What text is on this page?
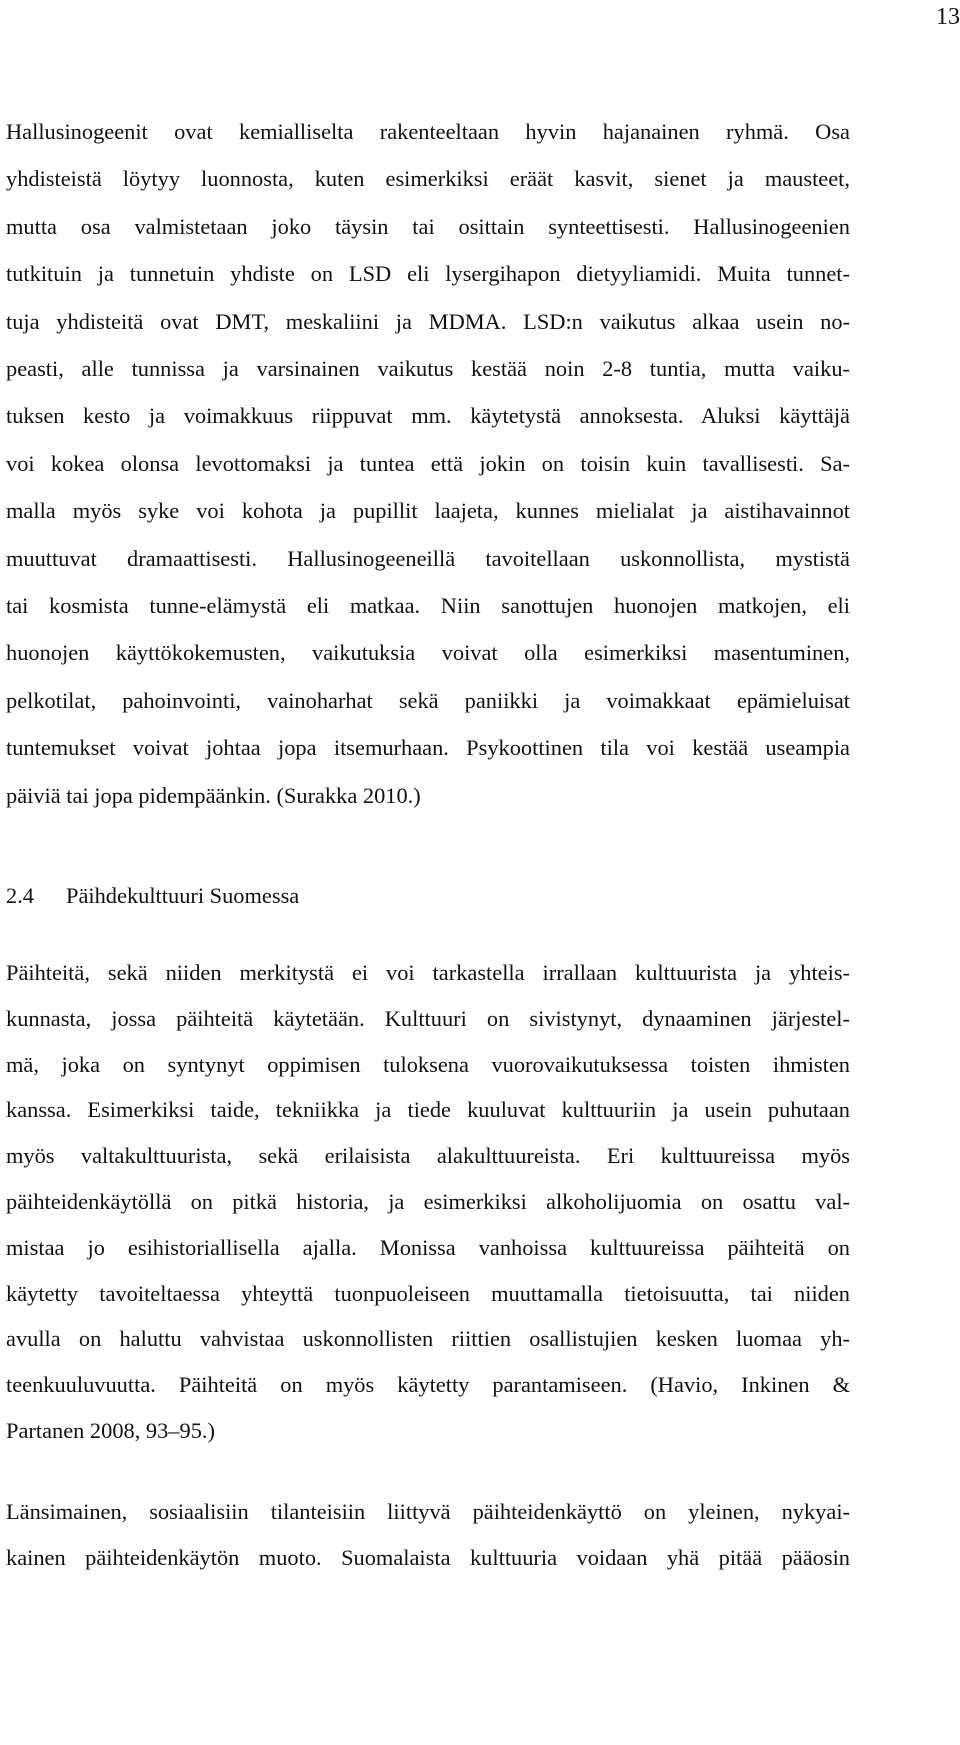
13

Hallusinogeenit ovat kemialliselta rakenteeltaan hyvin hajanainen ryhmä. Osa
yhdisteistä löytyy luonnosta, kuten esimerkiksi eräät kasvit, sienet ja mausteet,
mutta osa valmistetaan joko täysin tai osittain synteettisesti. Hallusinogeenien
tutkituin ja tunnetuin yhdiste on LSD eli lysergihapon dietyyliamidi. Muita tunnet-
tuja yhdisteitä ovat DMT, meskaliini ja MDMA. LSD:n vaikutus alkaa usein no-
peasti, alle tunnissa ja varsinainen vaikutus kestää noin 2-8 tuntia, mutta vaiku-
tuksen kesto ja voimakkuus riippuvat mm. käytetystä annoksesta. Aluksi käyttäjä
voi kokea olonsa levottomaksi ja tuntea että jokin on toisin kuin tavallisesti. Sa-
malla myös syke voi kohota ja pupillit laajeta, kunnes mielialat ja aistihavainnot
muuttuvat dramaattisesti. Hallusinogeeneillä tavoitellaan uskonnollista, mystistä
tai kosmista tunne-elämystä eli matkaa. Niin sanottujen huonojen matkojen, eli
huonojen käyttökokemusten, vaikutuksia voivat olla esimerkiksi masentuminen,
pelkotilat, pahoinvointi, vainoharhat sekä paniikki ja voimakkaat epämieluisat
tuntemukset voivat johtaa jopa itsemurhaan. Psykoottinen tila voi kestää useampia
päiviä tai jopa pidempäänkin. (Surakka 2010.)

2.4 Päihdekulttuuri Suomessa

Päihteitä, sekä niiden merkitystä ei voi tarkastella irrallaan kulttuurista ja yhteis-
kunnasta, jossa päihteitä käytetään. Kulttuuri on sivistynyt, dynaaminen järjestel-
mä, joka on syntynyt oppimisen tuloksena vuorovaikutuksessa toisten ihmisten
kanssa. Esimerkiksi taide, tekniikka ja tiede kuuluvat kulttuuriin ja usein puhutaan
myös valtakulttuurista, sekä erilaisista alakulttuureista. Eri kulttuureissa myös
päihteidenkäytöllä on pitkä historia, ja esimerkiksi alkoholijuomia on osattu val-
mistaa jo esihistoriallisella ajalla. Monissa vanhoissa kulttuureissa päihteitä on
käytetty tavoiteltaessa yhteyttä tuonpuoleiseen muuttamalla tietoisuutta, tai niiden
avulla on haluttu vahvistaa uskonnollisten riittien osallistujien kesken luomaa yh-
teenkuuluvuutta. Päihteitä on myös käytetty parantamiseen. (Havio, Inkinen &
Partanen 2008, 93–95.)

Länsimainen, sosiaalisiin tilanteisiin liittyvä päihteidenkäyttö on yleinen, nykyai-
kainen päihteidenkäytön muoto. Suomalaista kulttuuria voidaan yhä pitää pääosin
